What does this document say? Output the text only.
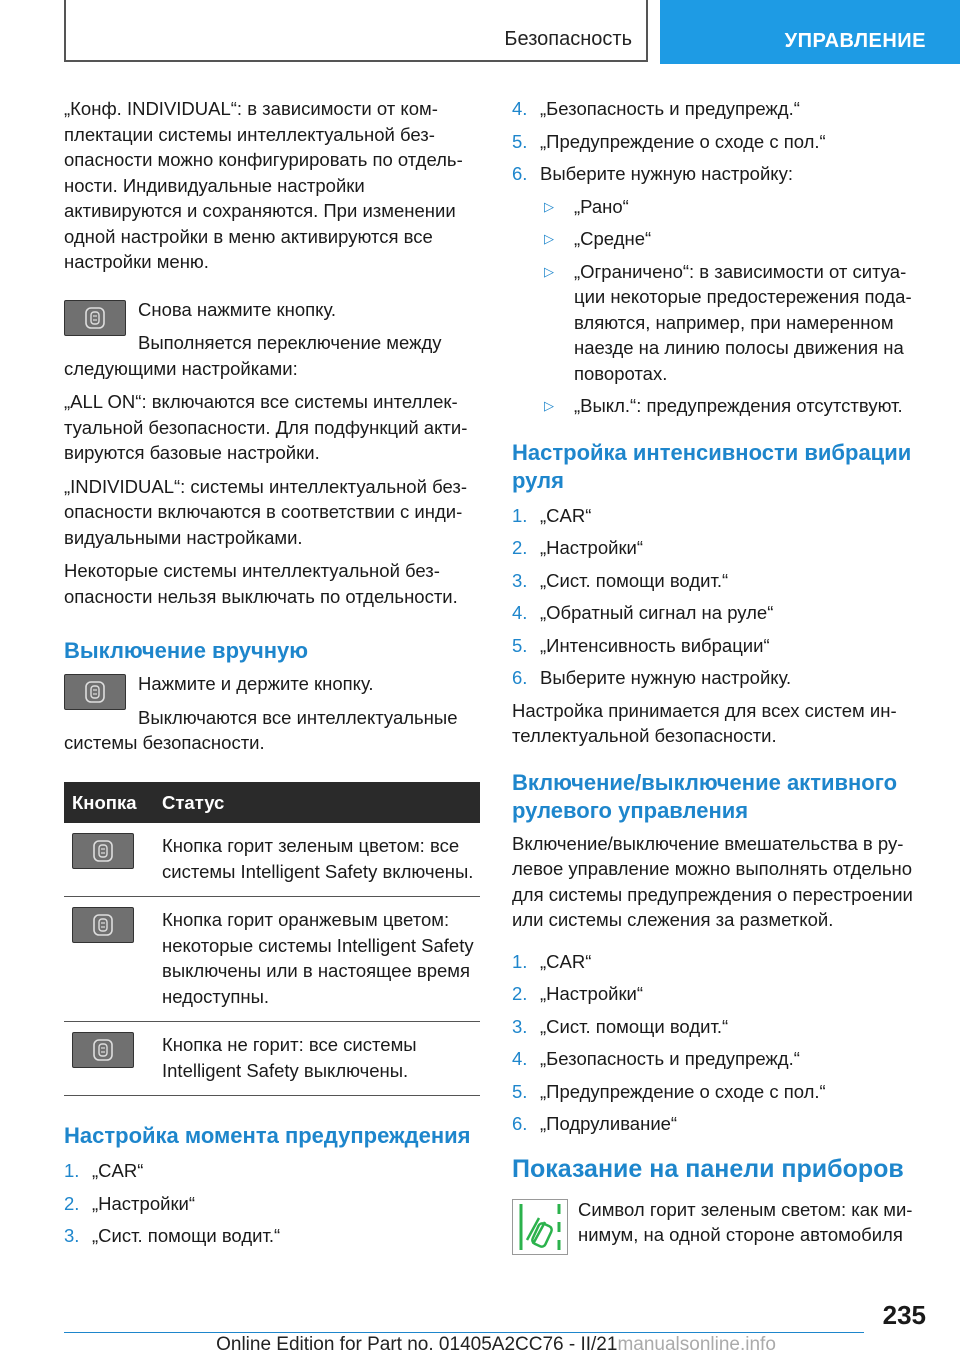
Безопасность	УПРАВЛЕНИЕ

„Конф. INDIVIDUAL“: в зависимости от комплектации системы интеллектуальной безопасности можно конфигурировать по отдельности. Индивидуальные настройки активируются и сохраняются. При изменении одной настройки в меню активируются все настройки меню.

Снова нажмите кнопку.

Выполняется переключение между следующими настройками:

„ALL ON“: включаются все системы интеллектуальной безопасности. Для подфункций активируются базовые настройки.

„INDIVIDUAL“: системы интеллектуальной безопасности включаются в соответствии с индивидуальными настройками.

Некоторые системы интеллектуальной безопасности нельзя выключать по отдельности.

Выключение вручную

Нажмите и держите кнопку.

Выключаются все интеллектуальные системы безопасности.

Кнопка	Статус

	Кнопка горит зеленым цветом: все системы Intelligent Safety включены.

	Кнопка горит оранжевым цветом: некоторые системы Intelligent Safety выключены или в настоящее время недоступны.

	Кнопка не горит: все системы Intelligent Safety выключены.
Настройка момента предупреждения
1. „CAR“
2. „Настройки“
3. „Сист. помощи водит.“
4. „Безопасность и предупрежд.“
5. „Предупреждение о сходе с пол.“
6. Выберите нужную настройку:
▷	„Рано“
▷	„Средне“
▷	„Ограничено“: в зависимости от ситуации некоторые предостережения подавляются, например, при намеренном наезде на линию полосы движения на поворотах.
▷	„Выкл.“: предупреждения отсутствуют.
Настройка интенсивности вибрации руля
1. „CAR“
2. „Настройки“
3. „Сист. помощи водит.“
4. „Обратный сигнал на руле“
5. „Интенсивность вибрации“
6. Выберите нужную настройку.

Настройка принимается для всех систем интеллектуальной безопасности.

Включение/выключение активного рулевого управления

Включение/выключение вмешательства в рулевое управление можно выполнять отдельно для системы предупреждения о перестроении или системы слежения за разметкой.

1. „CAR“
2. „Настройки“
3. „Сист. помощи водит.“
4. „Безопасность и предупрежд.“
5. „Предупреждение о сходе с пол.“
6. „Подруливание“
Показание на панели приборов

Символ горит зеленым светом: как минимум, на одной стороне автомобиля

235
Online Edition for Part no. 01405A2CC76 - II/21manualsonline.info
